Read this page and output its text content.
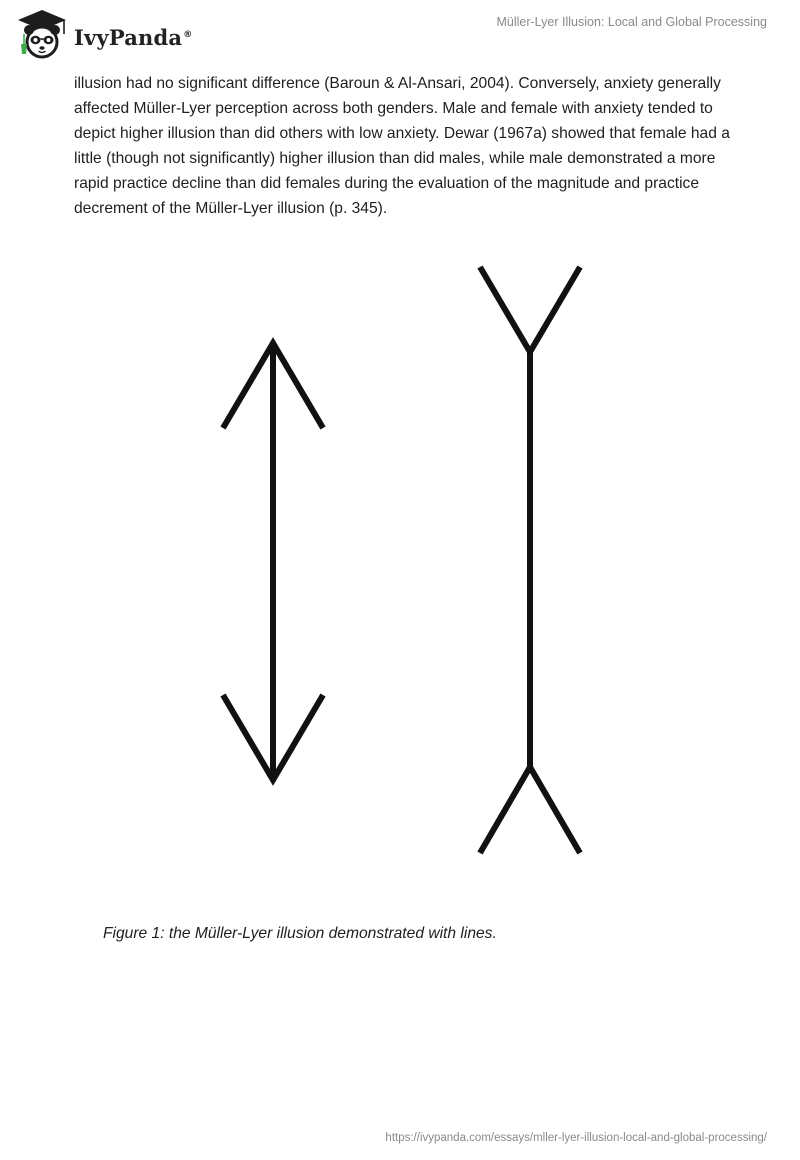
IvyPanda®
Müller-Lyer Illusion: Local and Global Processing

illusion had no significant difference (Baroun & Al-Ansari, 2004). Conversely, anxiety generally affected Müller-Lyer perception across both genders. Male and female with anxiety tended to depict higher illusion than did others with low anxiety. Dewar (1967a) showed that female had a little (though not significantly) higher illusion than did males, while male demonstrated a more rapid practice decline than did females during the evaluation of the magnitude and practice decrement of the Müller-Lyer illusion (p. 345).

Figure 1: the Müller-Lyer illusion demonstrated with lines.
https://ivypanda.com/essays/mller-lyer-illusion-local-and-global-processing/
